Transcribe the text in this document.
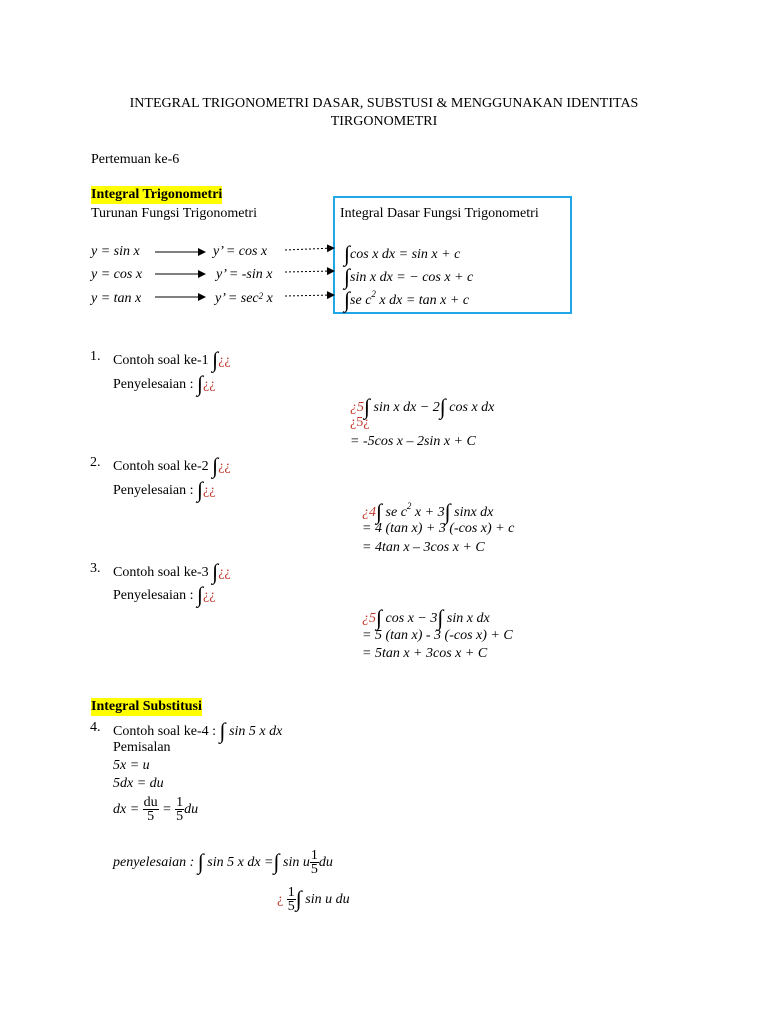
INTEGRAL TRIGONOMETRI DASAR, SUBSTUSI & MENGGUNAKAN IDENTITAS
TIRGONOMETRI
Pertemuan ke-6
Integral Trigonometri
Turunan Fungsi Trigonometri	Integral Dasar Fungsi Trigonometri
y = sin x
y = cos x
y = tan x
y’ = cos x
y’ = -sin x
y’ = $\sec^2 x$
∫cos x dx = sin x + c
∫sin x dx = − cos x + c
∫se $c^2$ x dx = tan x + c
1. Contoh soal ke-1 ∫¿¿
Penyelesaian : ∫¿¿
¿5∫ sin x dx − 2∫ cos x dx
¿5¿
= -5cos x – 2sin x + C
2. Contoh soal ke-2 ∫¿¿
Penyelesaian : ∫¿¿
¿4∫ se $c^2$ x + 3∫ sinx dx
= 4 (tan x) + 3 (-cos x) + c
= 4tan x – 3cos x + C
3. Contoh soal ke-3 ∫¿¿
Penyelesaian : ∫¿¿
¿5∫ cos x − 3∫ sin x dx
= 5 (tan x) - 3 (-cos x) + C
= 5tan x + 3cos x + C
Integral Substitusi
4. Contoh soal ke-4 : ∫ sin 5 x dx
Pemisalan
5x = u
5dx = du
dx = $\frac{du}{5} = \frac{1}{5}$ du
penyelesaian : ∫ sin 5 x dx =∫ sin u $\frac{1}{5}$ du
¿ $\frac{1}{5}$ ∫ sin u du
